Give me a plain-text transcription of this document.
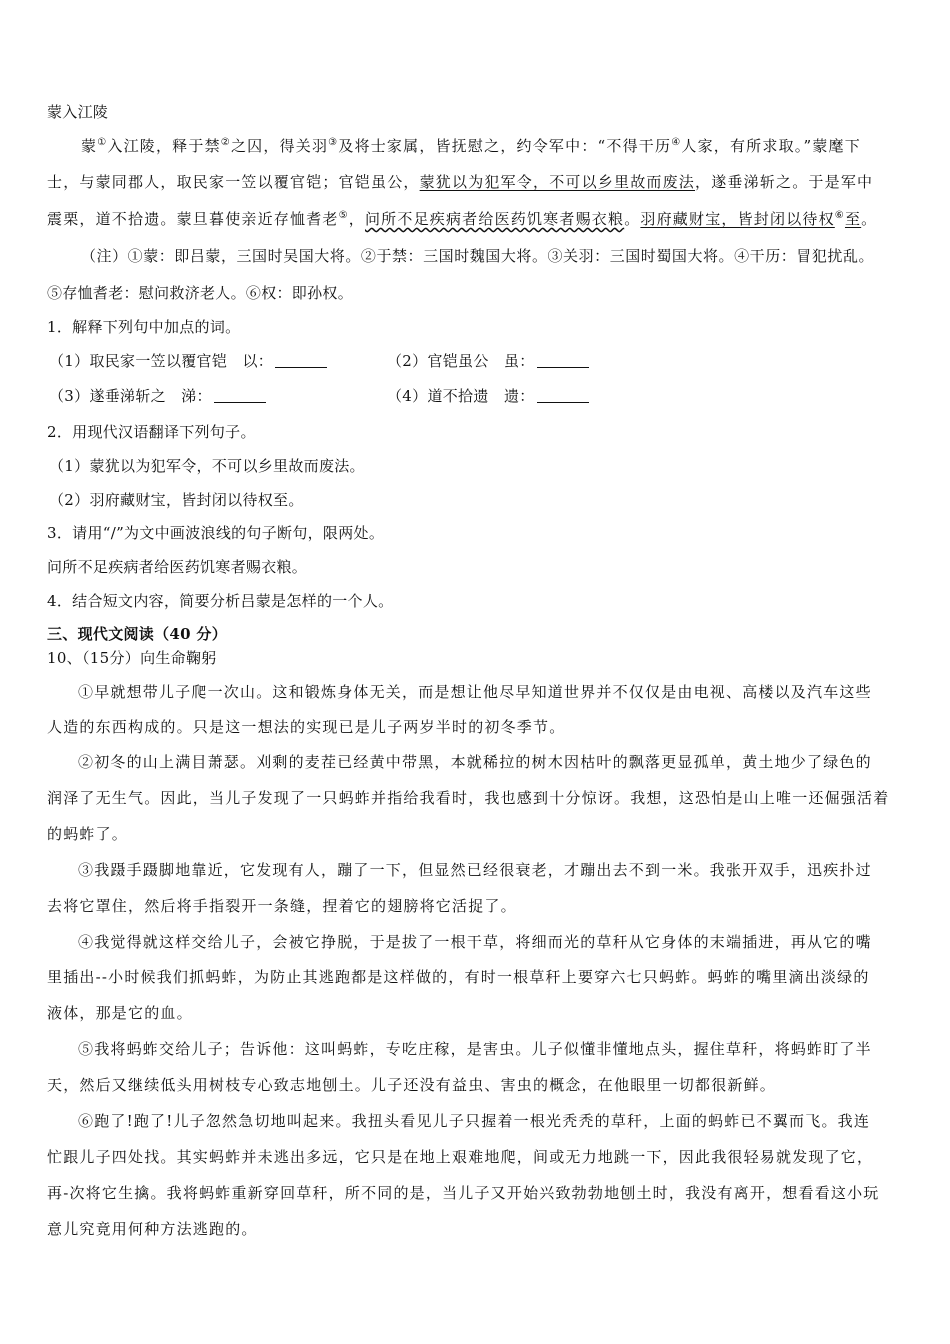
蒙入江陵
蒙①入江陵，释于禁②之囚，得关羽③及将士家属，皆抚慰之，约令军中：“不得干历④人家，有所求取。”蒙麾下
士，与蒙同郡人，取民家一笠以覆官铠；官铠虽公，蒙犹以为犯军令，不可以乡里故而废法，遂垂涕斩之。于是军中
震栗，道不拾遗。蒙旦暮使亲近存恤耆老⑤，问所不足疾病者给医药饥寒者赐衣粮。羽府藏财宝，皆封闭以待权⑥至。
（注）①蒙：即吕蒙，三国时吴国大将。②于禁：三国时魏国大将。③关羽：三国时蜀国大将。④干历：冒犯扰乱。
⑤存恤耆老：慰问救济老人。⑥权：即孙权。
1．解释下列句中加点的词。
（1）取民家一笠以覆官铠　以：	（2）官铠虽公　虽：
（3）遂垂涕斩之　涕：	（4）道不拾遗　遗：
2．用现代汉语翻译下列句子。
（1）蒙犹以为犯军令，不可以乡里故而废法。
（2）羽府藏财宝，皆封闭以待权至。
3．请用“/”为文中画波浪线的句子断句，限两处。
问所不足疾病者给医药饥寒者赐衣粮。
4．结合短文内容，简要分析吕蒙是怎样的一个人。
三、现代文阅读（40 分）
10、（15分）向生命鞠躬
①早就想带儿子爬一次山。这和锻炼身体无关，而是想让他尽早知道世界并不仅仅是由电视、高楼以及汽车这些
人造的东西构成的。只是这一想法的实现已是儿子两岁半时的初冬季节。
②初冬的山上满目萧瑟。刈剩的麦茬已经黄中带黑，本就稀拉的树木因枯叶的飘落更显孤单，黄土地少了绿色的
润泽了无生气。因此，当儿子发现了一只蚂蚱并指给我看时，我也感到十分惊讶。我想，这恐怕是山上唯一还倔强活着
的蚂蚱了。
③我蹑手蹑脚地靠近，它发现有人，蹦了一下，但显然已经很衰老，才蹦出去不到一米。我张开双手，迅疾扑过
去将它罩住，然后将手指裂开一条缝，捏着它的翅膀将它活捉了。
④我觉得就这样交给儿子，会被它挣脱，于是拔了一根干草，将细而光的草秆从它身体的末端插进，再从它的嘴
里插出--小时候我们抓蚂蚱，为防止其逃跑都是这样做的，有时一根草秆上要穿六七只蚂蚱。蚂蚱的嘴里滴出淡绿的
液体，那是它的血。
⑤我将蚂蚱交给儿子；告诉他：这叫蚂蚱，专吃庄稼，是害虫。儿子似懂非懂地点头，握住草秆，将蚂蚱盯了半
天，然后又继续低头用树枝专心致志地刨土。儿子还没有益虫、害虫的概念，在他眼里一切都很新鲜。
⑥跑了!跑了!儿子忽然急切地叫起来。我扭头看见儿子只握着一根光秃秃的草秆，上面的蚂蚱已不翼而飞。我连
忙跟儿子四处找。其实蚂蚱并未逃出多远，它只是在地上艰难地爬，间或无力地跳一下，因此我很轻易就发现了它，
再-次将它生擒。我将蚂蚱重新穿回草秆，所不同的是，当儿子又开始兴致勃勃地刨土时，我没有离开，想看看这小玩
意儿究竟用何种方法逃跑的。
